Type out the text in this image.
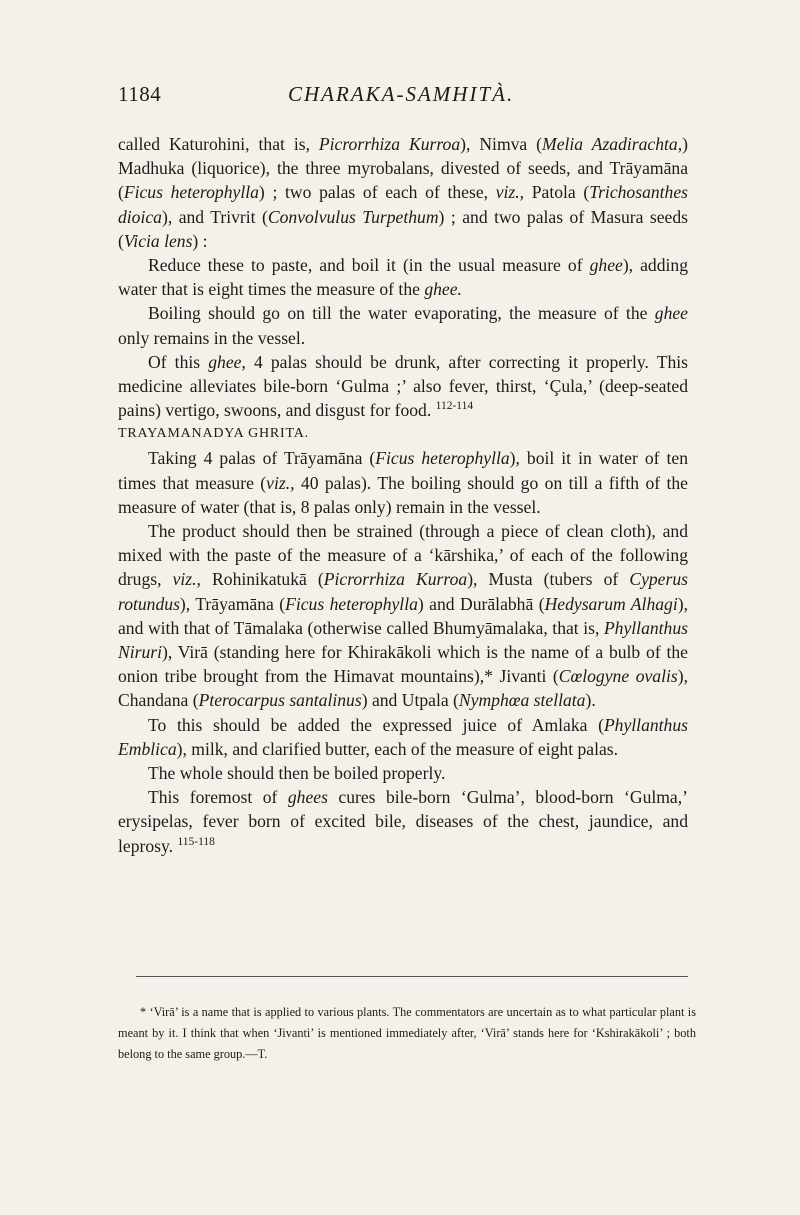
1184	CHARAKA-SAMHITÀ.

called Katurohini, that is, Picrorrhiza Kurroa), Nimva (Melia Azadirachta,) Madhuka (liquorice), the three myrobalans, divested of seeds, and Trāyamāna (Ficus heterophylla) ; two palas of each of these, viz., Patola (Trichosanthes dioica), and Trivrit (Convolvulus Turpethum) ; and two palas of Masura seeds (Vicia lens) :

Reduce these to paste, and boil it (in the usual measure of ghee), adding water that is eight times the measure of the ghee.

Boiling should go on till the water evaporating, the measure of the ghee only remains in the vessel.

Of this ghee, 4 palas should be drunk, after correcting it properly. This medicine alleviates bile-born ‘Gulma ;’ also fever, thirst, ‘Çula,’ (deep-seated pains) vertigo, swoons, and disgust for food. $^{112-114}$

TRAYAMANADYA GHRITA.

Taking 4 palas of Trāyamāna (Ficus heterophylla), boil it in water of ten times that measure (viz., 40 palas). The boiling should go on till a fifth of the measure of water (that is, 8 palas only) remain in the vessel.

The product should then be strained (through a piece of clean cloth), and mixed with the paste of the measure of a ‘kārshika,’ of each of the following drugs, viz., Rohinikatukā (Picrorrhiza Kurroa), Musta (tubers of Cyperus rotundus), Trāyamāna (Ficus heterophylla) and Durālabhā (Hedysarum Alhagi), and with that of Tāmalaka (otherwise called Bhumyāmalaka, that is, Phyllanthus Niruri), Virā (standing here for Khirakākoli which is the name of a bulb of the onion tribe brought from the Himavat mountains),* Jivanti (Cœlogyne ovalis), Chandana (Pterocarpus santalinus) and Utpala (Nymphœa stellata).

To this should be added the expressed juice of Amlaka (Phyllanthus Emblica), milk, and clarified butter, each of the measure of eight palas.

The whole should then be boiled properly.

This foremost of ghees cures bile-born ‘Gulma’, blood-born ‘Gulma,’ erysipelas, fever born of excited bile, diseases of the chest, jaundice, and leprosy. $^{115-118}$

* ‘Virā’ is a name that is applied to various plants. The commentators are uncertain as to what particular plant is meant by it. I think that when ‘Jivanti’ is mentioned immediately after, ‘Virā’ stands here for ‘Kshirakākoli’ ; both belong to the same group.—T.
